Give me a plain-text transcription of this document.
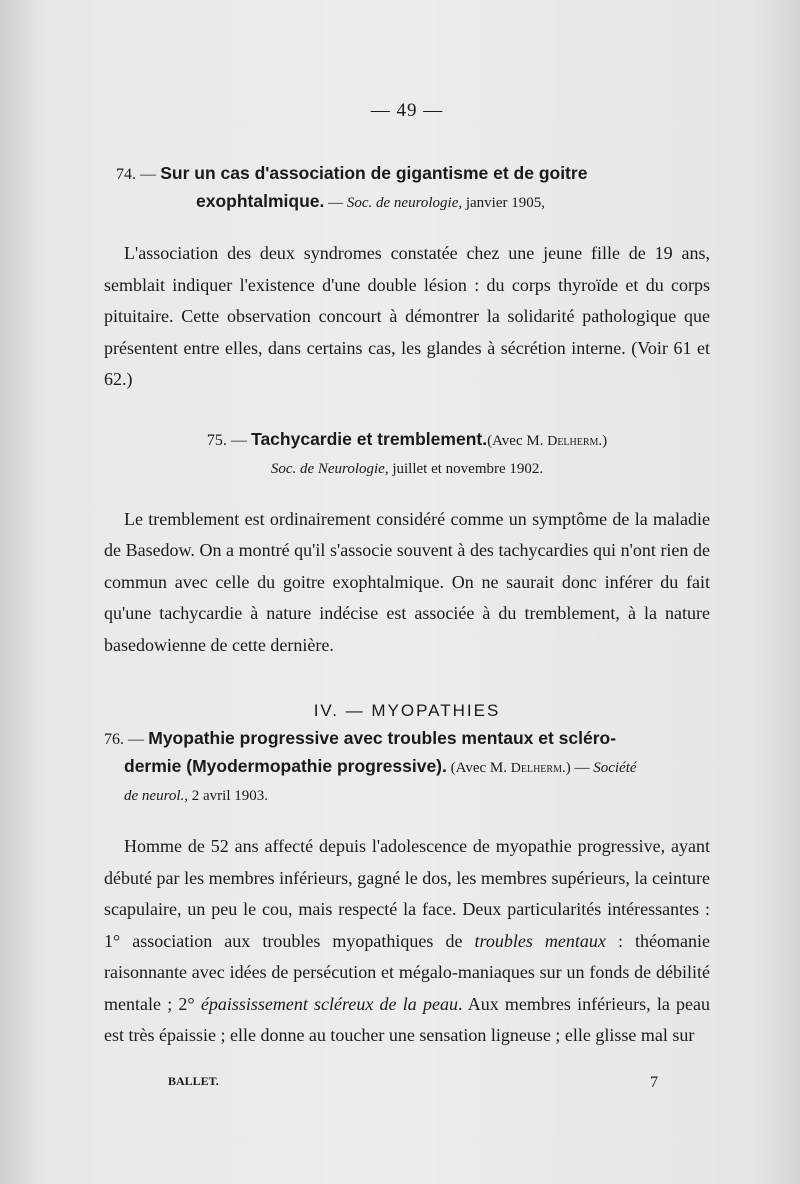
— 49 —

74. — Sur un cas d'association de gigantisme et de goitre

exophtalmique. — Soc. de neurologie, janvier 1905,

L'association des deux syndromes constatée chez une jeune fille de 19 ans, semblait indiquer l'existence d'une double lésion : du corps thyroïde et du corps pituitaire. Cette observation concourt à démontrer la solidarité pathologique que présentent entre elles, dans certains cas, les glandes à sécrétion interne. (Voir 61 et 62.)

75. — Tachycardie et tremblement.(Avec M. Delherm.)

Soc. de Neurologie, juillet et novembre 1902.

Le tremblement est ordinairement considéré comme un symptôme de la maladie de Basedow. On a montré qu'il s'associe souvent à des tachycardies qui n'ont rien de commun avec celle du goitre exophtalmique. On ne saurait donc inférer du fait qu'une tachycardie à nature indécise est associée à du tremblement, à la nature basedowienne de cette dernière.

IV. — MYOPATHIES

76. — Myopathie progressive avec troubles mentaux et scléro-

dermie (Myodermopathie progressive). (Avec M. Delherm.) — Société

de neurol., 2 avril 1903.

Homme de 52 ans affecté depuis l'adolescence de myopathie progressive, ayant débuté par les membres inférieurs, gagné le dos, les membres supérieurs, la ceinture scapulaire, un peu le cou, mais respecté la face. Deux particularités intéressantes : 1° association aux troubles myopathiques de troubles mentaux : théomanie raisonnante avec idées de persécution et mégalo-maniaques sur un fonds de débilité mentale ; 2° épaississement scléreux de la peau. Aux membres inférieurs, la peau est très épaissie ; elle donne au toucher une sensation ligneuse ; elle glisse mal sur

BALLET.	7
